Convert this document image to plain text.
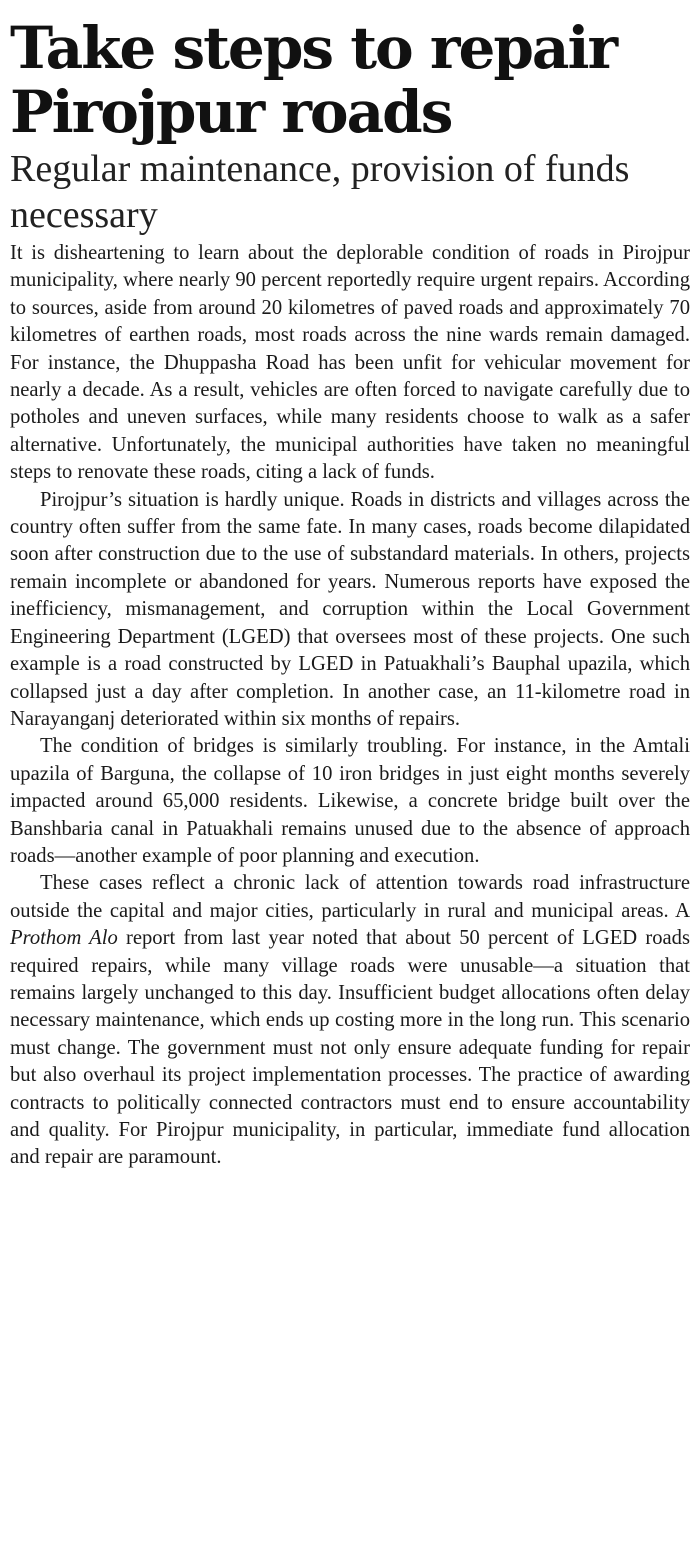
Take steps to repair Pirojpur roads
Regular maintenance, provision of funds necessary

It is disheartening to learn about the deplorable condition of roads in Pirojpur municipality, where nearly 90 percent reportedly require urgent repairs. According to sources, aside from around 20 kilometres of paved roads and approximately 70 kilometres of earthen roads, most roads across the nine wards remain damaged. For instance, the Dhuppasha Road has been unfit for vehicular movement for nearly a decade. As a result, vehicles are often forced to navigate carefully due to potholes and uneven surfaces, while many residents choose to walk as a safer alternative. Unfortunately, the municipal authorities have taken no meaningful steps to renovate these roads, citing a lack of funds.

Pirojpur’s situation is hardly unique. Roads in districts and villages across the country often suffer from the same fate. In many cases, roads become dilapidated soon after construction due to the use of substandard materials. In others, projects remain incomplete or abandoned for years. Numerous reports have exposed the inefficiency, mismanagement, and corruption within the Local Government Engineering Department (LGED) that oversees most of these projects. One such example is a road constructed by LGED in Patuakhali’s Bauphal upazila, which collapsed just a day after completion. In another case, an 11-kilometre road in Narayanganj deteriorated within six months of repairs.

The condition of bridges is similarly troubling. For instance, in the Amtali upazila of Barguna, the collapse of 10 iron bridges in just eight months severely impacted around 65,000 residents. Likewise, a concrete bridge built over the Banshbaria canal in Patuakhali remains unused due to the absence of approach roads—another example of poor planning and execution.

These cases reflect a chronic lack of attention towards road infrastructure outside the capital and major cities, particularly in rural and municipal areas. A Prothom Alo report from last year noted that about 50 percent of LGED roads required repairs, while many village roads were unusable—a situation that remains largely unchanged to this day. Insufficient budget allocations often delay necessary maintenance, which ends up costing more in the long run. This scenario must change. The government must not only ensure adequate funding for repair but also overhaul its project implementation processes. The practice of awarding contracts to politically connected contractors must end to ensure accountability and quality. For Pirojpur municipality, in particular, immediate fund allocation and repair are paramount.
